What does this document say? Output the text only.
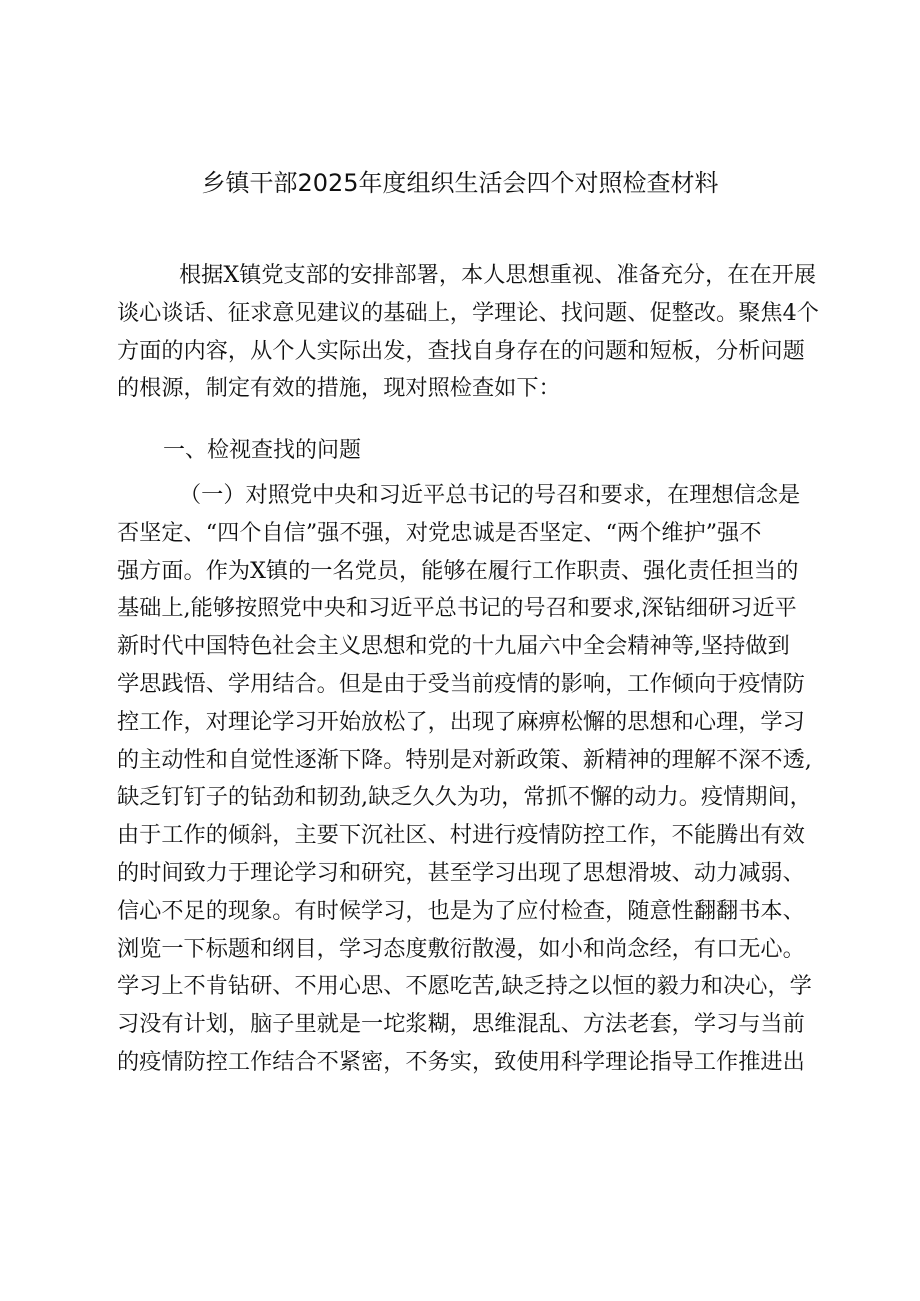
乡镇干部2025年度组织生活会四个对照检查材料
根据X镇党支部的安排部署，本人思想重视、准备充分，在在开展
谈心谈话、征求意见建议的基础上，学理论、找问题、促整改。聚焦4个
方面的内容，从个人实际出发，查找自身存在的问题和短板，分析问题
的根源，制定有效的措施，现对照检查如下：
一、检视查找的问题
（一）对照党中央和习近平总书记的号召和要求，在理想信念是
否坚定、“四个自信”强不强，对党忠诚是否坚定、“两个维护”强不
强方面。作为X镇的一名党员，能够在履行工作职责、强化责任担当的
基础上,能够按照党中央和习近平总书记的号召和要求,深钻细研习近平
新时代中国特色社会主义思想和党的十九届六中全会精神等,坚持做到
学思践悟、学用结合。但是由于受当前疫情的影响，工作倾向于疫情防
控工作，对理论学习开始放松了，出现了麻痹松懈的思想和心理，学习
的主动性和自觉性逐渐下降。特别是对新政策、新精神的理解不深不透,
缺乏钉钉子的钻劲和韧劲,缺乏久久为功，常抓不懈的动力。疫情期间，
由于工作的倾斜，主要下沉社区、村进行疫情防控工作，不能腾出有效
的时间致力于理论学习和研究，甚至学习出现了思想滑坡、动力减弱、
信心不足的现象。有时候学习，也是为了应付检查，随意性翻翻书本、
浏览一下标题和纲目，学习态度敷衍散漫，如小和尚念经，有口无心。
学习上不肯钻研、不用心思、不愿吃苦,缺乏持之以恒的毅力和决心，学
习没有计划，脑子里就是一坨浆糊，思维混乱、方法老套，学习与当前
的疫情防控工作结合不紧密，不务实，致使用科学理论指导工作推进出
